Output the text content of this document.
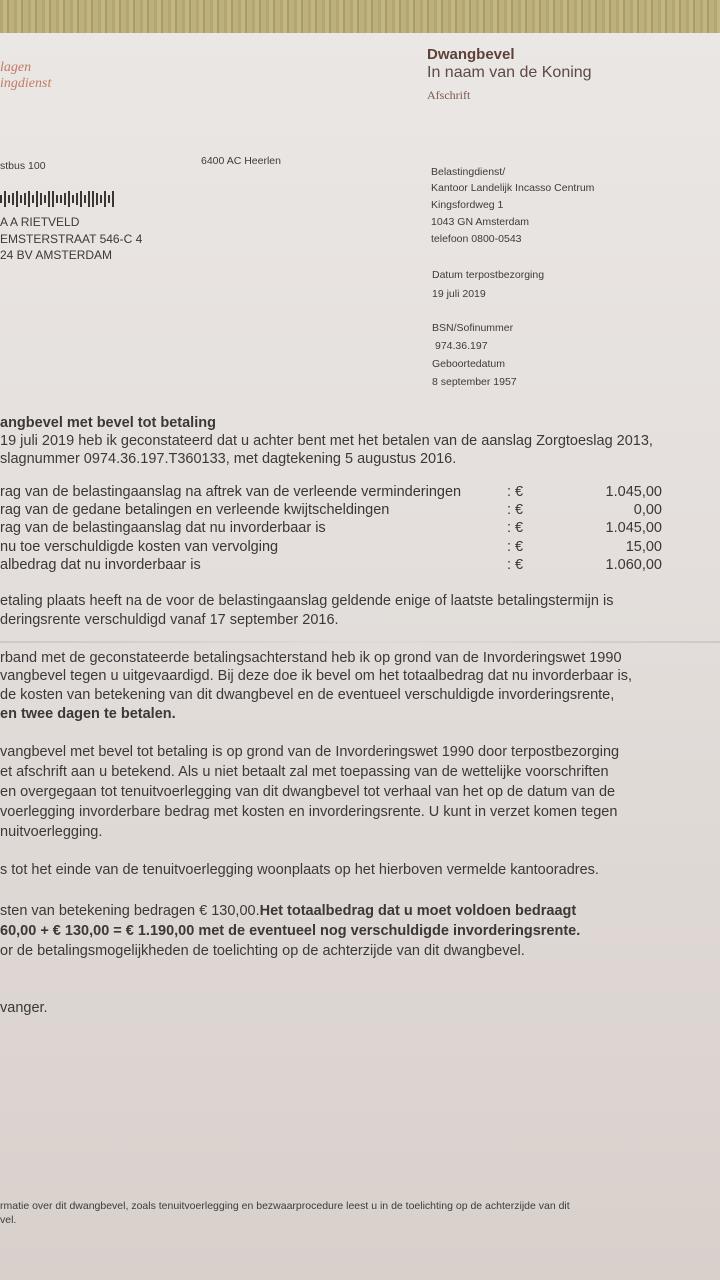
lagen
ingdienst
Dwangbevel
In naam van de Koning
Afschrift
stbus 100	6400 AC Heerlen
A A RIETVELD
EMSTERSTRAAT 546-C 4
24 BV AMSTERDAM
Belastingdienst/
Kantoor Landelijk Incasso Centrum
Kingsfordweg 1
1043 GN Amsterdam
telefoon 0800-0543
Datum terpostbezorging
19 juli 2019
BSN/Sofinummer
974.36.197
Geboortedatum
8 september 1957
angbevel met bevel tot betaling
19 juli 2019 heb ik geconstateerd dat u achter bent met het betalen van de aanslag Zorgtoeslag 2013,
slagnummer 0974.36.197.T360133, met dagtekening 5 augustus 2016.
rag van de belastingaanslag na aftrek van de verleende verminderingen	: €	1.045,00
rag van de gedane betalingen en verleende kwijtscheldingen	: €	0,00
rag van de belastingaanslag dat nu invorderbaar is	: €	1.045,00
nu toe verschuldigde kosten van vervolging	: €	15,00
albedrag dat nu invorderbaar is	: €	1.060,00
etaling plaats heeft na de voor de belastingaanslag geldende enige of laatste betalingstermijn is
deringsrente verschuldigd vanaf 17 september 2016.
rband met de geconstateerde betalingsachterstand heb ik op grond van de Invorderingswet 1990
vangbevel tegen u uitgevaardigd. Bij deze doe ik bevel om het totaalbedrag dat nu invorderbaar is,
de kosten van betekening van dit dwangbevel en de eventueel verschuldigde invorderingsrente,
en twee dagen te betalen.
vangbevel met bevel tot betaling is op grond van de Invorderingswet 1990 door terpostbezorging
et afschrift aan u betekend. Als u niet betaalt zal met toepassing van de wettelijke voorschriften
en overgegaan tot tenuitvoerlegging van dit dwangbevel tot verhaal van het op de datum van de
voerlegging invorderbare bedrag met kosten en invorderingsrente. U kunt in verzet komen tegen
nuitvoerlegging.
s tot het einde van de tenuitvoerlegging woonplaats op het hierboven vermelde kantooradres.
sten van betekening bedragen € 130,00.Het totaalbedrag dat u moet voldoen bedraagt
60,00 + € 130,00 = € 1.190,00 met de eventueel nog verschuldigde invorderingsrente.
or de betalingsmogelijkheden de toelichting op de achterzijde van dit dwangbevel.
vanger.
rmatie over dit dwangbevel, zoals tenuitvoerlegging en bezwaarprocedure leest u in de toelichting op de achterzijde van dit
vel.
